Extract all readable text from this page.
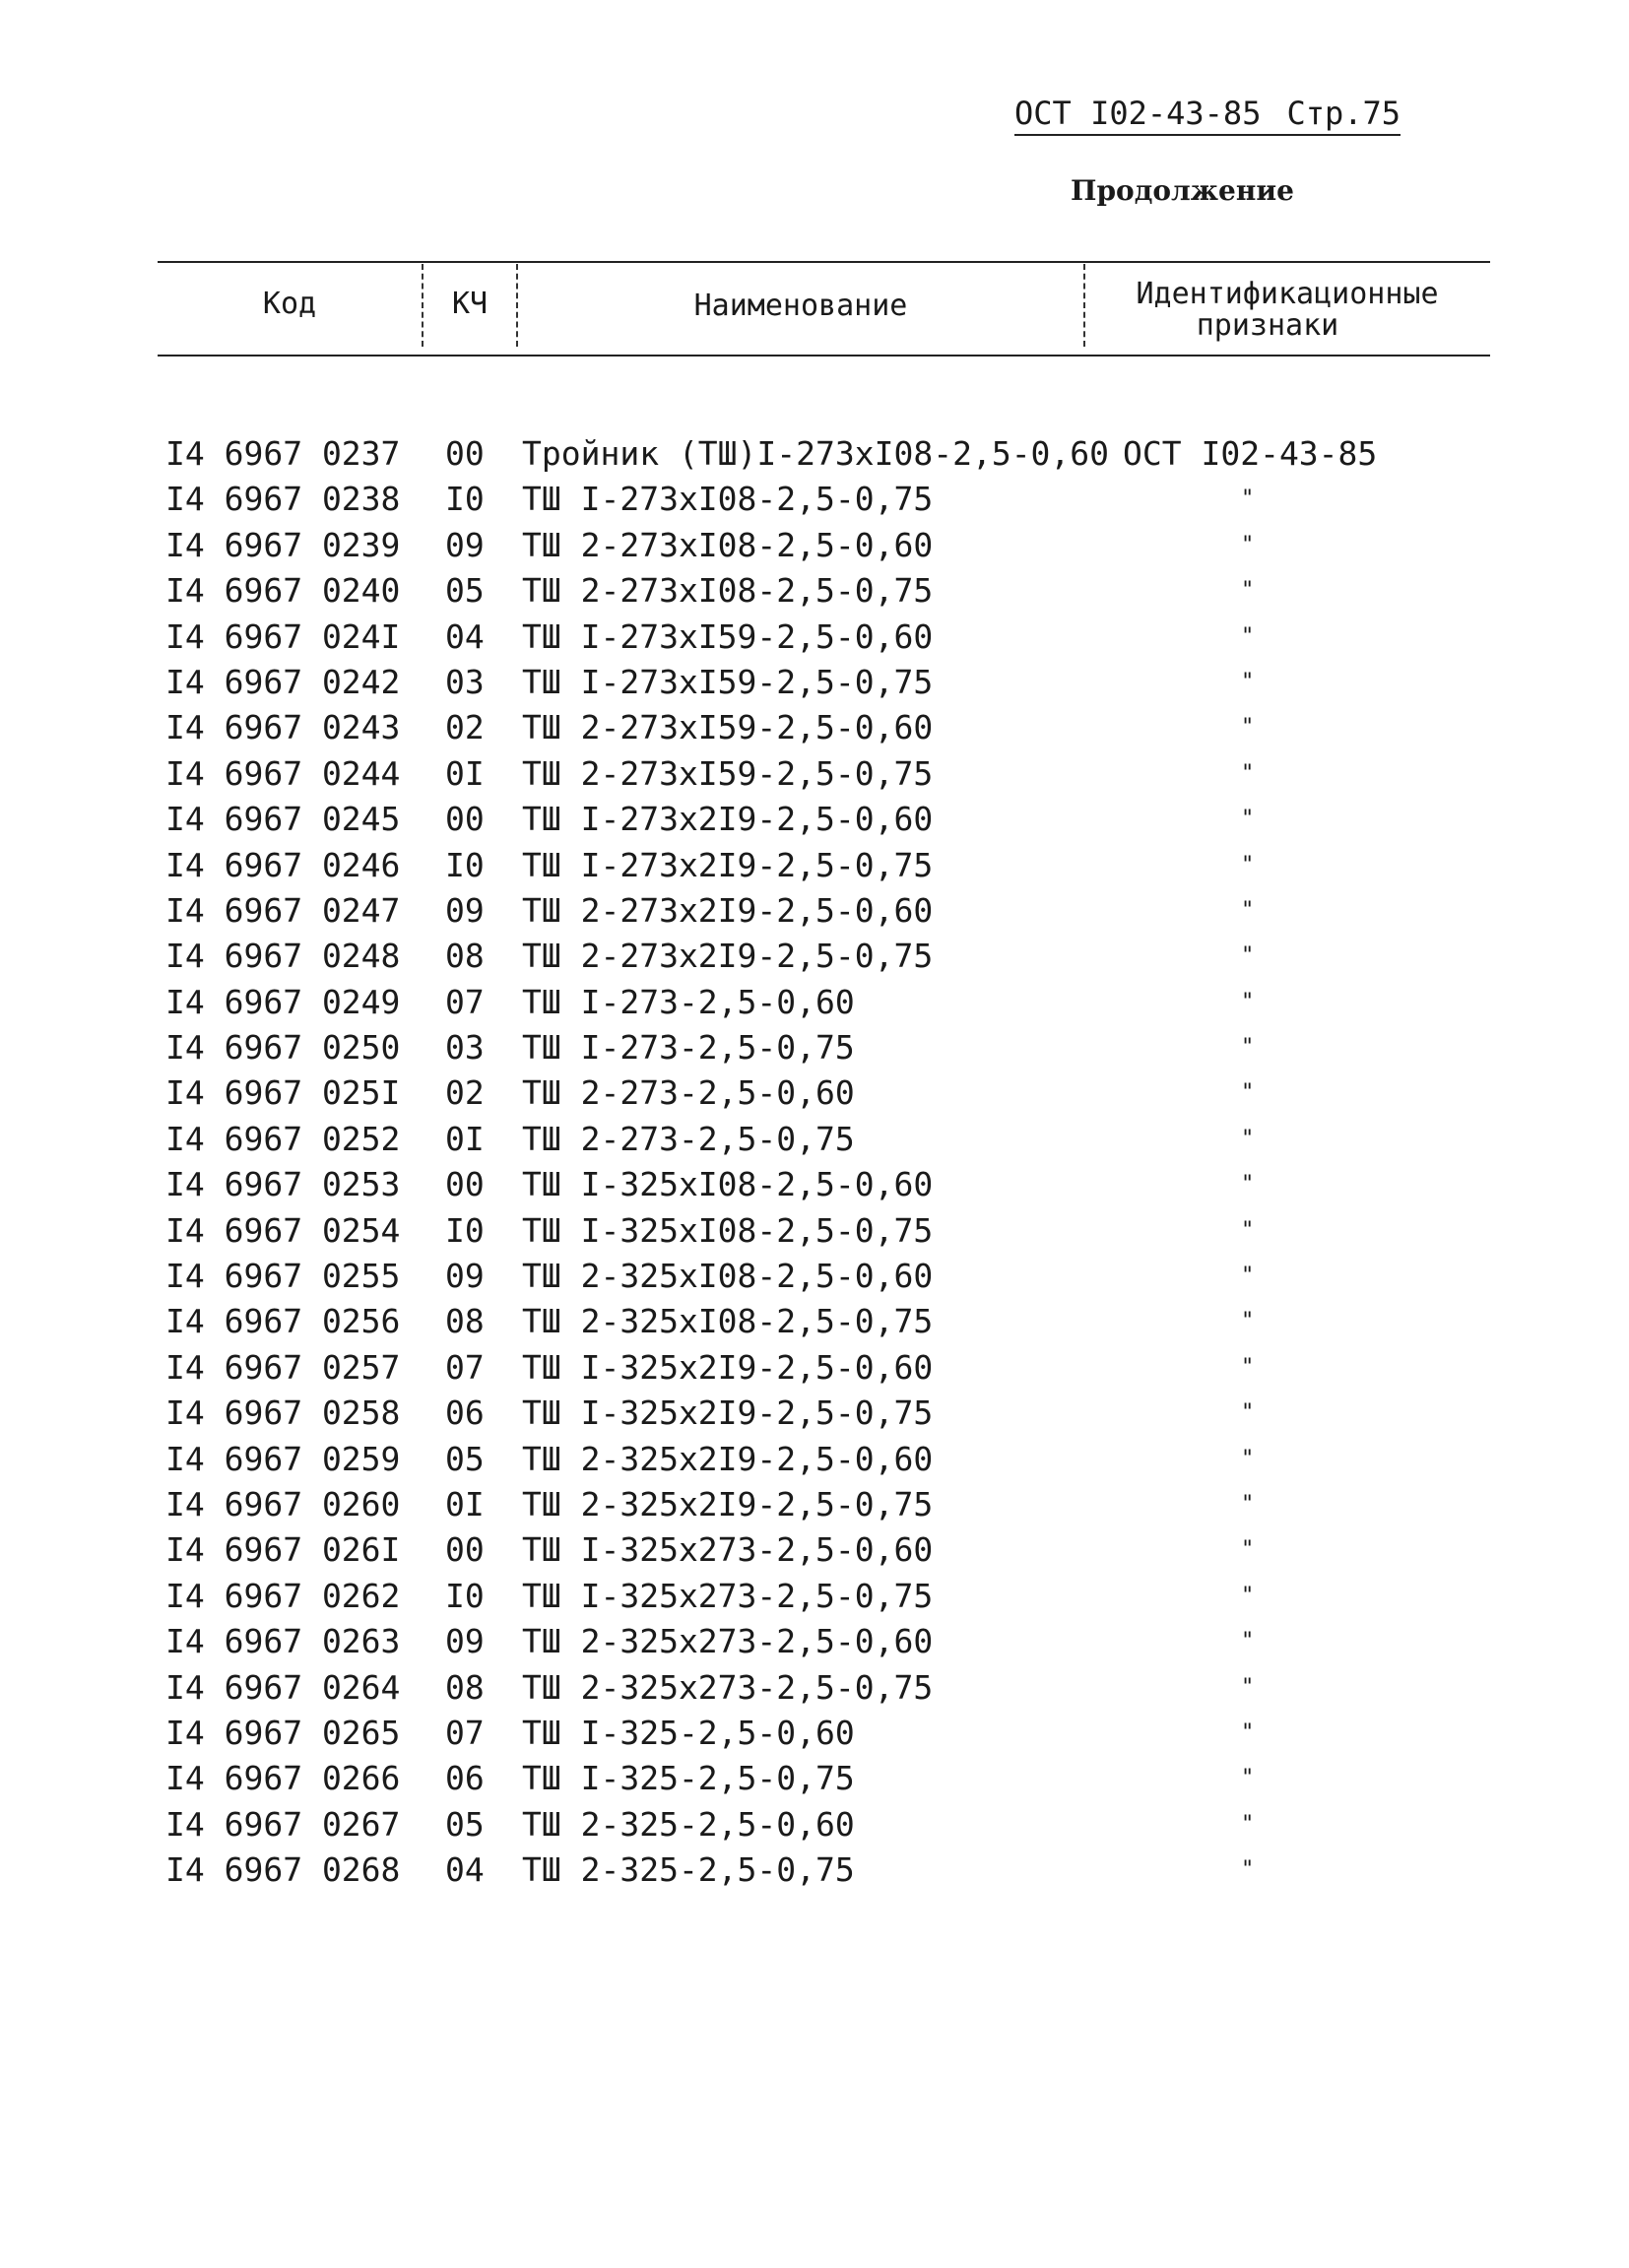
ОСТ I02-43-85 Стр.75
Продолжение
Код	КЧ	Наименование	Идентификационные
признаки
I4 6967 0237 00 Тройник (ТШ)I-273xI08-2,5-0,60 ОСТ I02-43-85
I4 6967 0238 I0 ТШ I-273xI08-2,5-0,75	"
I4 6967 0239 09 ТШ 2-273xI08-2,5-0,60	"
I4 6967 0240 05 ТШ 2-273xI08-2,5-0,75	"
I4 6967 024I 04 ТШ I-273xI59-2,5-0,60	"
I4 6967 0242 03 ТШ I-273xI59-2,5-0,75	"
I4 6967 0243 02 ТШ 2-273xI59-2,5-0,60	"
I4 6967 0244 0I ТШ 2-273xI59-2,5-0,75	"
I4 6967 0245 00 ТШ I-273x2I9-2,5-0,60	"
I4 6967 0246 I0 ТШ I-273x2I9-2,5-0,75	"
I4 6967 0247 09 ТШ 2-273x2I9-2,5-0,60	"
I4 6967 0248 08 ТШ 2-273x2I9-2,5-0,75	"
I4 6967 0249 07 ТШ I-273-2,5-0,60	"
I4 6967 0250 03 ТШ I-273-2,5-0,75	"
I4 6967 025I 02 ТШ 2-273-2,5-0,60	"
I4 6967 0252 0I ТШ 2-273-2,5-0,75	"
I4 6967 0253 00 ТШ I-325xI08-2,5-0,60	"
I4 6967 0254 I0 ТШ I-325xI08-2,5-0,75	"
I4 6967 0255 09 ТШ 2-325xI08-2,5-0,60	"
I4 6967 0256 08 ТШ 2-325xI08-2,5-0,75	"
I4 6967 0257 07 ТШ I-325x2I9-2,5-0,60	"
I4 6967 0258 06 ТШ I-325x2I9-2,5-0,75	"
I4 6967 0259 05 ТШ 2-325x2I9-2,5-0,60	"
I4 6967 0260 0I ТШ 2-325x2I9-2,5-0,75	"
I4 6967 026I 00 ТШ I-325x273-2,5-0,60	"
I4 6967 0262 I0 ТШ I-325x273-2,5-0,75	"
I4 6967 0263 09 ТШ 2-325x273-2,5-0,60	"
I4 6967 0264 08 ТШ 2-325x273-2,5-0,75	"
I4 6967 0265 07 ТШ I-325-2,5-0,60	"
I4 6967 0266 06 ТШ I-325-2,5-0,75	"
I4 6967 0267 05 ТШ 2-325-2,5-0,60	"
I4 6967 0268 04 ТШ 2-325-2,5-0,75	"
